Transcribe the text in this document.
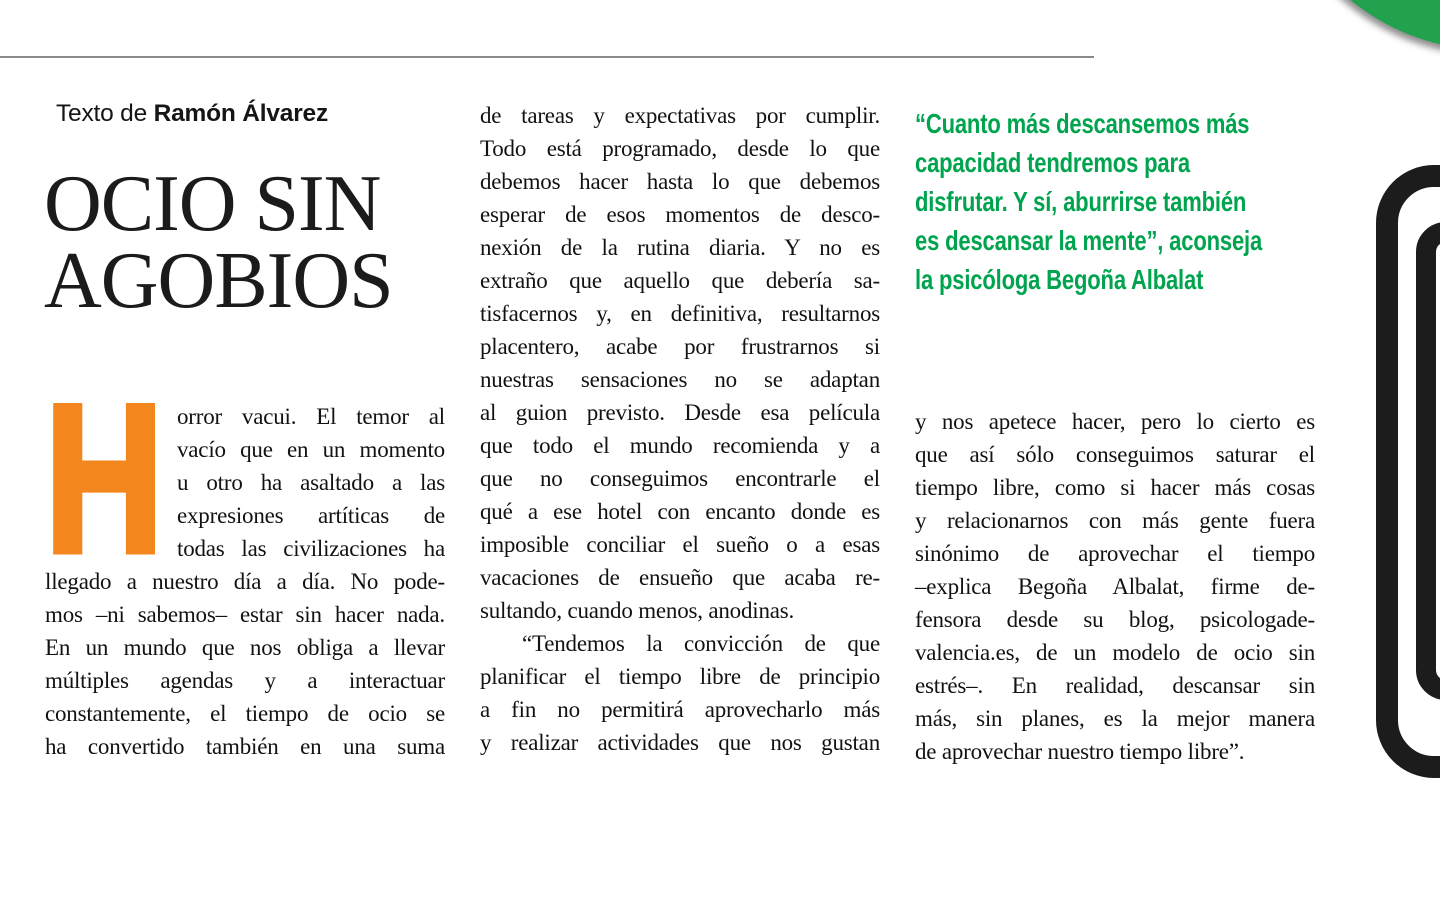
Texto de Ramón Álvarez
OCIO SIN
AGOBIOS
H orror vacui. El temor al
vacío que en un momento
u otro ha asaltado a las
expresiones artíticas de
todas las civilizaciones ha
llegado a nuestro día a día. No pode-
mos –ni sabemos– estar sin hacer nada.
En un mundo que nos obliga a llevar
múltiples agendas y a interactuar
constantemente, el tiempo de ocio se
ha convertido también en una suma
de tareas y expectativas por cumplir.
Todo está programado, desde lo que
debemos hacer hasta lo que debemos
esperar de esos momentos de desco-
nexión de la rutina diaria. Y no es
extraño que aquello que debería sa-
tisfacernos y, en definitiva, resultarnos
placentero, acabe por frustrarnos si
nuestras sensaciones no se adaptan
al guion previsto. Desde esa película
que todo el mundo recomienda y a
que no conseguimos encontrarle el
qué a ese hotel con encanto donde es
imposible conciliar el sueño o a esas
vacaciones de ensueño que acaba re-
sultando, cuando menos, anodinas.
“Tendemos la convicción de que
planificar el tiempo libre de principio
a fin no permitirá aprovecharlo más
y realizar actividades que nos gustan
“Cuanto más descansemos más
capacidad tendremos para
disfrutar. Y sí, aburrirse también
es descansar la mente”, aconseja
la psicóloga Begoña Albalat
y nos apetece hacer, pero lo cierto es
que así sólo conseguimos saturar el
tiempo libre, como si hacer más cosas
y relacionarnos con más gente fuera
sinónimo de aprovechar el tiempo
–explica Begoña Albalat, firme de-
fensora desde su blog, psicologade-
valencia.es, de un modelo de ocio sin
estrés–. En realidad, descansar sin
más, sin planes, es la mejor manera
de aprovechar nuestro tiempo libre”.
